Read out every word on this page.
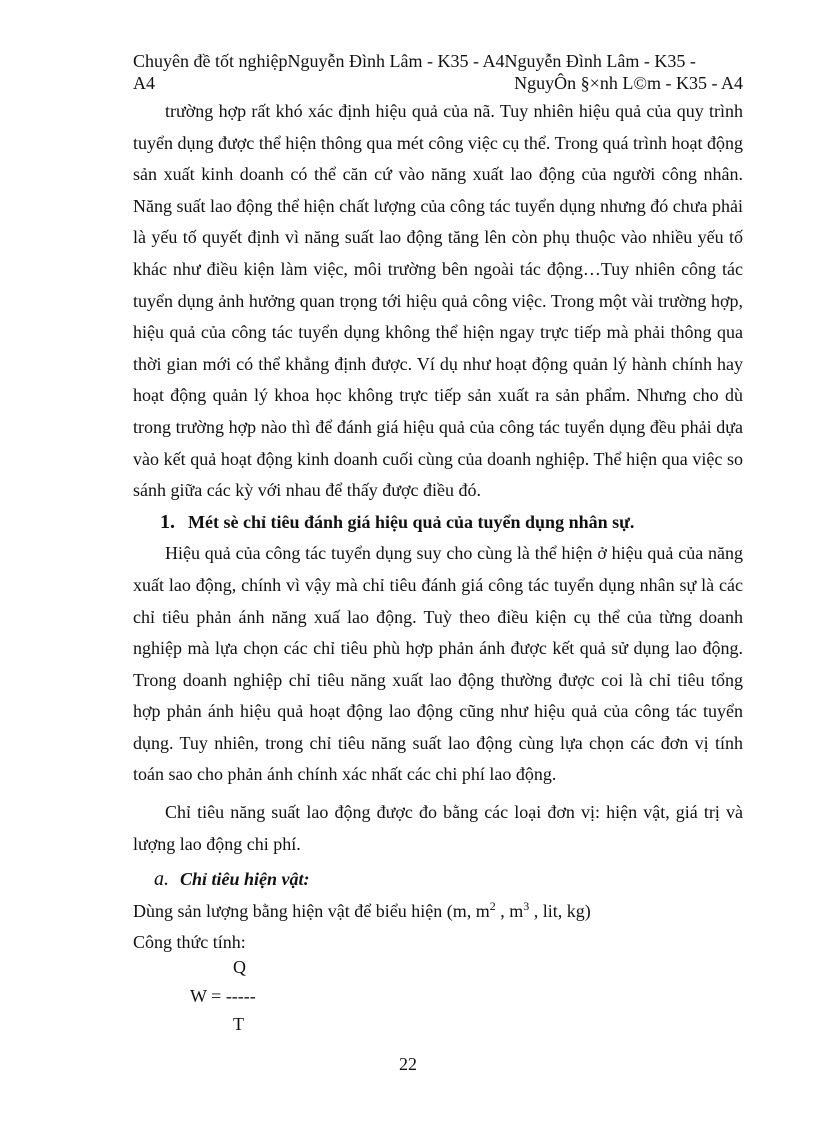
Chuyên đề tốt nghiệpNguyễn Đình Lâm - K35 - A4Nguyễn Đình Lâm - K35 -
A4	NguyÔn §×nh L©m - K35 - A4

trường hợp rất khó xác định hiệu quả của nã. Tuy nhiên hiệu quả của quy trình tuyển dụng được thể hiện thông qua mét công việc cụ thể. Trong quá trình hoạt động sản xuất kinh doanh có thể căn cứ vào năng xuất lao động của người công nhân. Năng suất lao động thể hiện chất lượng của công tác tuyển dụng nhưng đó chưa phải là yếu tố quyết định vì năng suất lao động tăng lên còn phụ thuộc vào nhiều yếu tố khác như điều kiện làm việc, môi trường bên ngoài tác động…Tuy nhiên công tác tuyển dụng ảnh hưởng quan trọng tới hiệu quả công việc. Trong một vài trường hợp, hiệu quả của công tác tuyển dụng không thể hiện ngay trực tiếp mà phải thông qua thời gian mới có thể khẳng định được. Ví dụ như hoạt động quản lý hành chính hay hoạt động quản lý khoa học không trực tiếp sản xuất ra sản phẩm. Nhưng cho dù trong trường hợp nào thì để đánh giá hiệu quả của công tác tuyển dụng đều phải dựa vào kết quả hoạt động kinh doanh cuối cùng của doanh nghiệp. Thể hiện qua việc so sánh giữa các kỳ với nhau để thấy được điều đó.

1. Mét sè chỉ tiêu đánh giá hiệu quả của tuyển dụng nhân sự.

Hiệu quả của công tác tuyển dụng suy cho cùng là thể hiện ở hiệu quả của năng xuất lao động, chính vì vậy mà chỉ tiêu đánh giá công tác tuyển dụng nhân sự là các chỉ tiêu phản ánh năng xuấ lao động. Tuỳ theo điều kiện cụ thể của từng doanh nghiệp mà lựa chọn các chỉ tiêu phù hợp phản ánh được kết quả sử dụng lao động. Trong doanh nghiệp chỉ tiêu năng xuất lao động thường được coi là chỉ tiêu tổng hợp phản ánh hiệu quả hoạt động lao động cũng như hiệu quả của công tác tuyển dụng. Tuy nhiên, trong chỉ tiêu năng suất lao động cùng lựa chọn các đơn vị tính toán sao cho phản ánh chính xác nhất các chi phí lao động.

Chỉ tiêu năng suất lao động được đo bằng các loại đơn vị: hiện vật, giá trị và lượng lao động chi phí.

a. Chỉ tiêu hiện vật:

Dùng sản lượng bằng hiện vật để biểu hiện (m, $m^2$ , $m^3$ , lit, kg)

Công thức tính:

Q
W = -----
T
22
